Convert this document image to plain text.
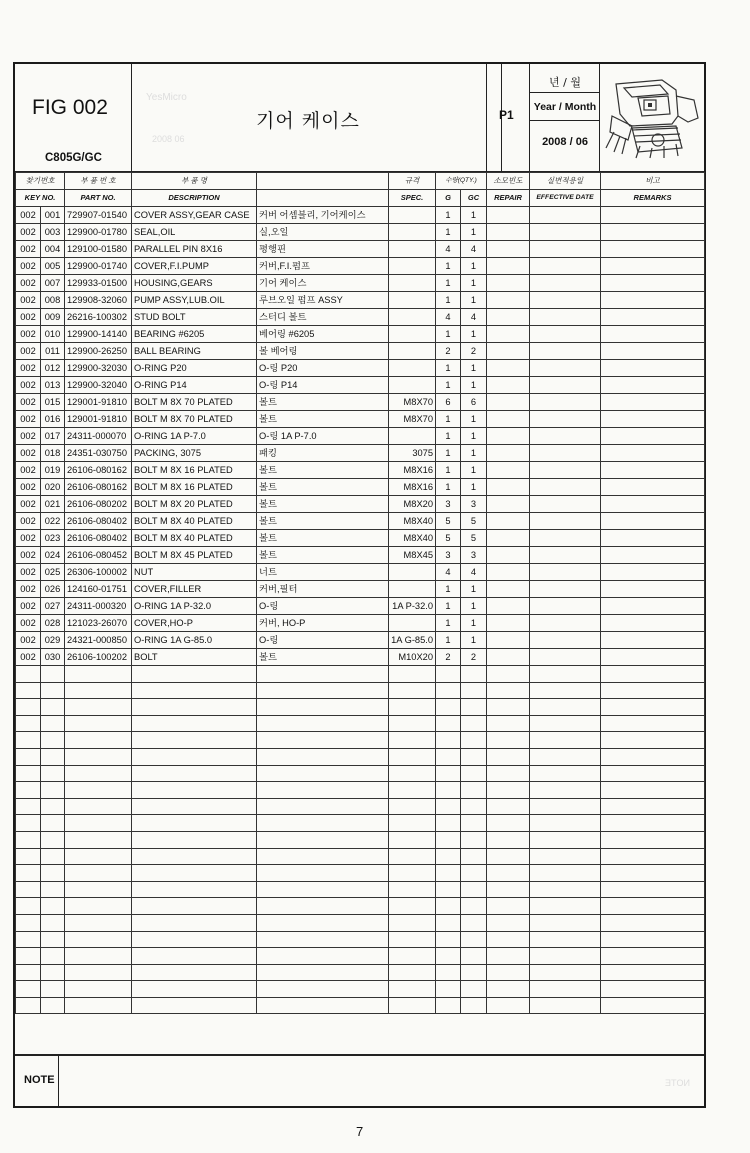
FIG 002
C805G/GC
YesMicro
2008 06
기어 케이스	P1
년 / 월
Year / Month
2008 / 06
찾기번호		부 품 번 호	부 품 명		규격	수량(QTY.)		소모빈도	실변적용일	비고
KEY NO.		PART NO.	DESCRIPTION		SPEC.	G	GC	REPAIR	EFFECTIVE DATE	REMARKS
002	001	729907-01540	COVER ASSY,GEAR CASE	커버 어셈블리, 기어케이스		1	1			
002	003	129900-01780	SEAL,OIL	실,오일		1	1			
002	004	129100-01580	PARALLEL PIN 8X16	평행핀		4	4			
002	005	129900-01740	COVER,F.I.PUMP	커버,F.I.펌프		1	1			
002	007	129933-01500	HOUSING,GEARS	기어 케이스		1	1			
002	008	129908-32060	PUMP ASSY,LUB.OIL	루브오일 펌프 ASSY		1	1			
002	009	26216-100302	STUD BOLT	스터디 볼트		4	4			
002	010	129900-14140	BEARING #6205	베어링 #6205		1	1			
002	011	129900-26250	BALL BEARING	볼 베어링		2	2			
002	012	129900-32030	O-RING P20	O-링 P20		1	1			
002	013	129900-32040	O-RING P14	O-링 P14		1	1			
002	015	129001-91810	BOLT M 8X 70 PLATED	볼트	M8X70	6	6			
002	016	129001-91810	BOLT M 8X 70 PLATED	볼트	M8X70	1	1			
002	017	24311-000070	O-RING 1A P-7.0	O-링 1A P-7.0		1	1			
002	018	24351-030750	PACKING, 3075	패킹	3075	1	1			
002	019	26106-080162	BOLT M 8X 16 PLATED	볼트	M8X16	1	1			
002	020	26106-080162	BOLT M 8X 16 PLATED	볼트	M8X16	1	1			
002	021	26106-080202	BOLT M 8X 20 PLATED	볼트	M8X20	3	3			
002	022	26106-080402	BOLT M 8X 40 PLATED	볼트	M8X40	5	5			
002	023	26106-080402	BOLT M 8X 40 PLATED	볼트	M8X40	5	5			
002	024	26106-080452	BOLT M 8X 45 PLATED	볼트	M8X45	3	3			
002	025	26306-100002	NUT	너트		4	4			
002	026	124160-01751	COVER,FILLER	커버,필터		1	1			
002	027	24311-000320	O-RING 1A P-32.0	O-링	1A P-32.0	1	1			
002	028	121023-26070	COVER,HO-P	커버, HO-P		1	1			
002	029	24321-000850	O-RING 1A G-85.0	O-링	1A G-85.0	1	1			
002	030	26106-100202	BOLT	볼트	M10X20	2	2			

NOTE	NOTE
7
